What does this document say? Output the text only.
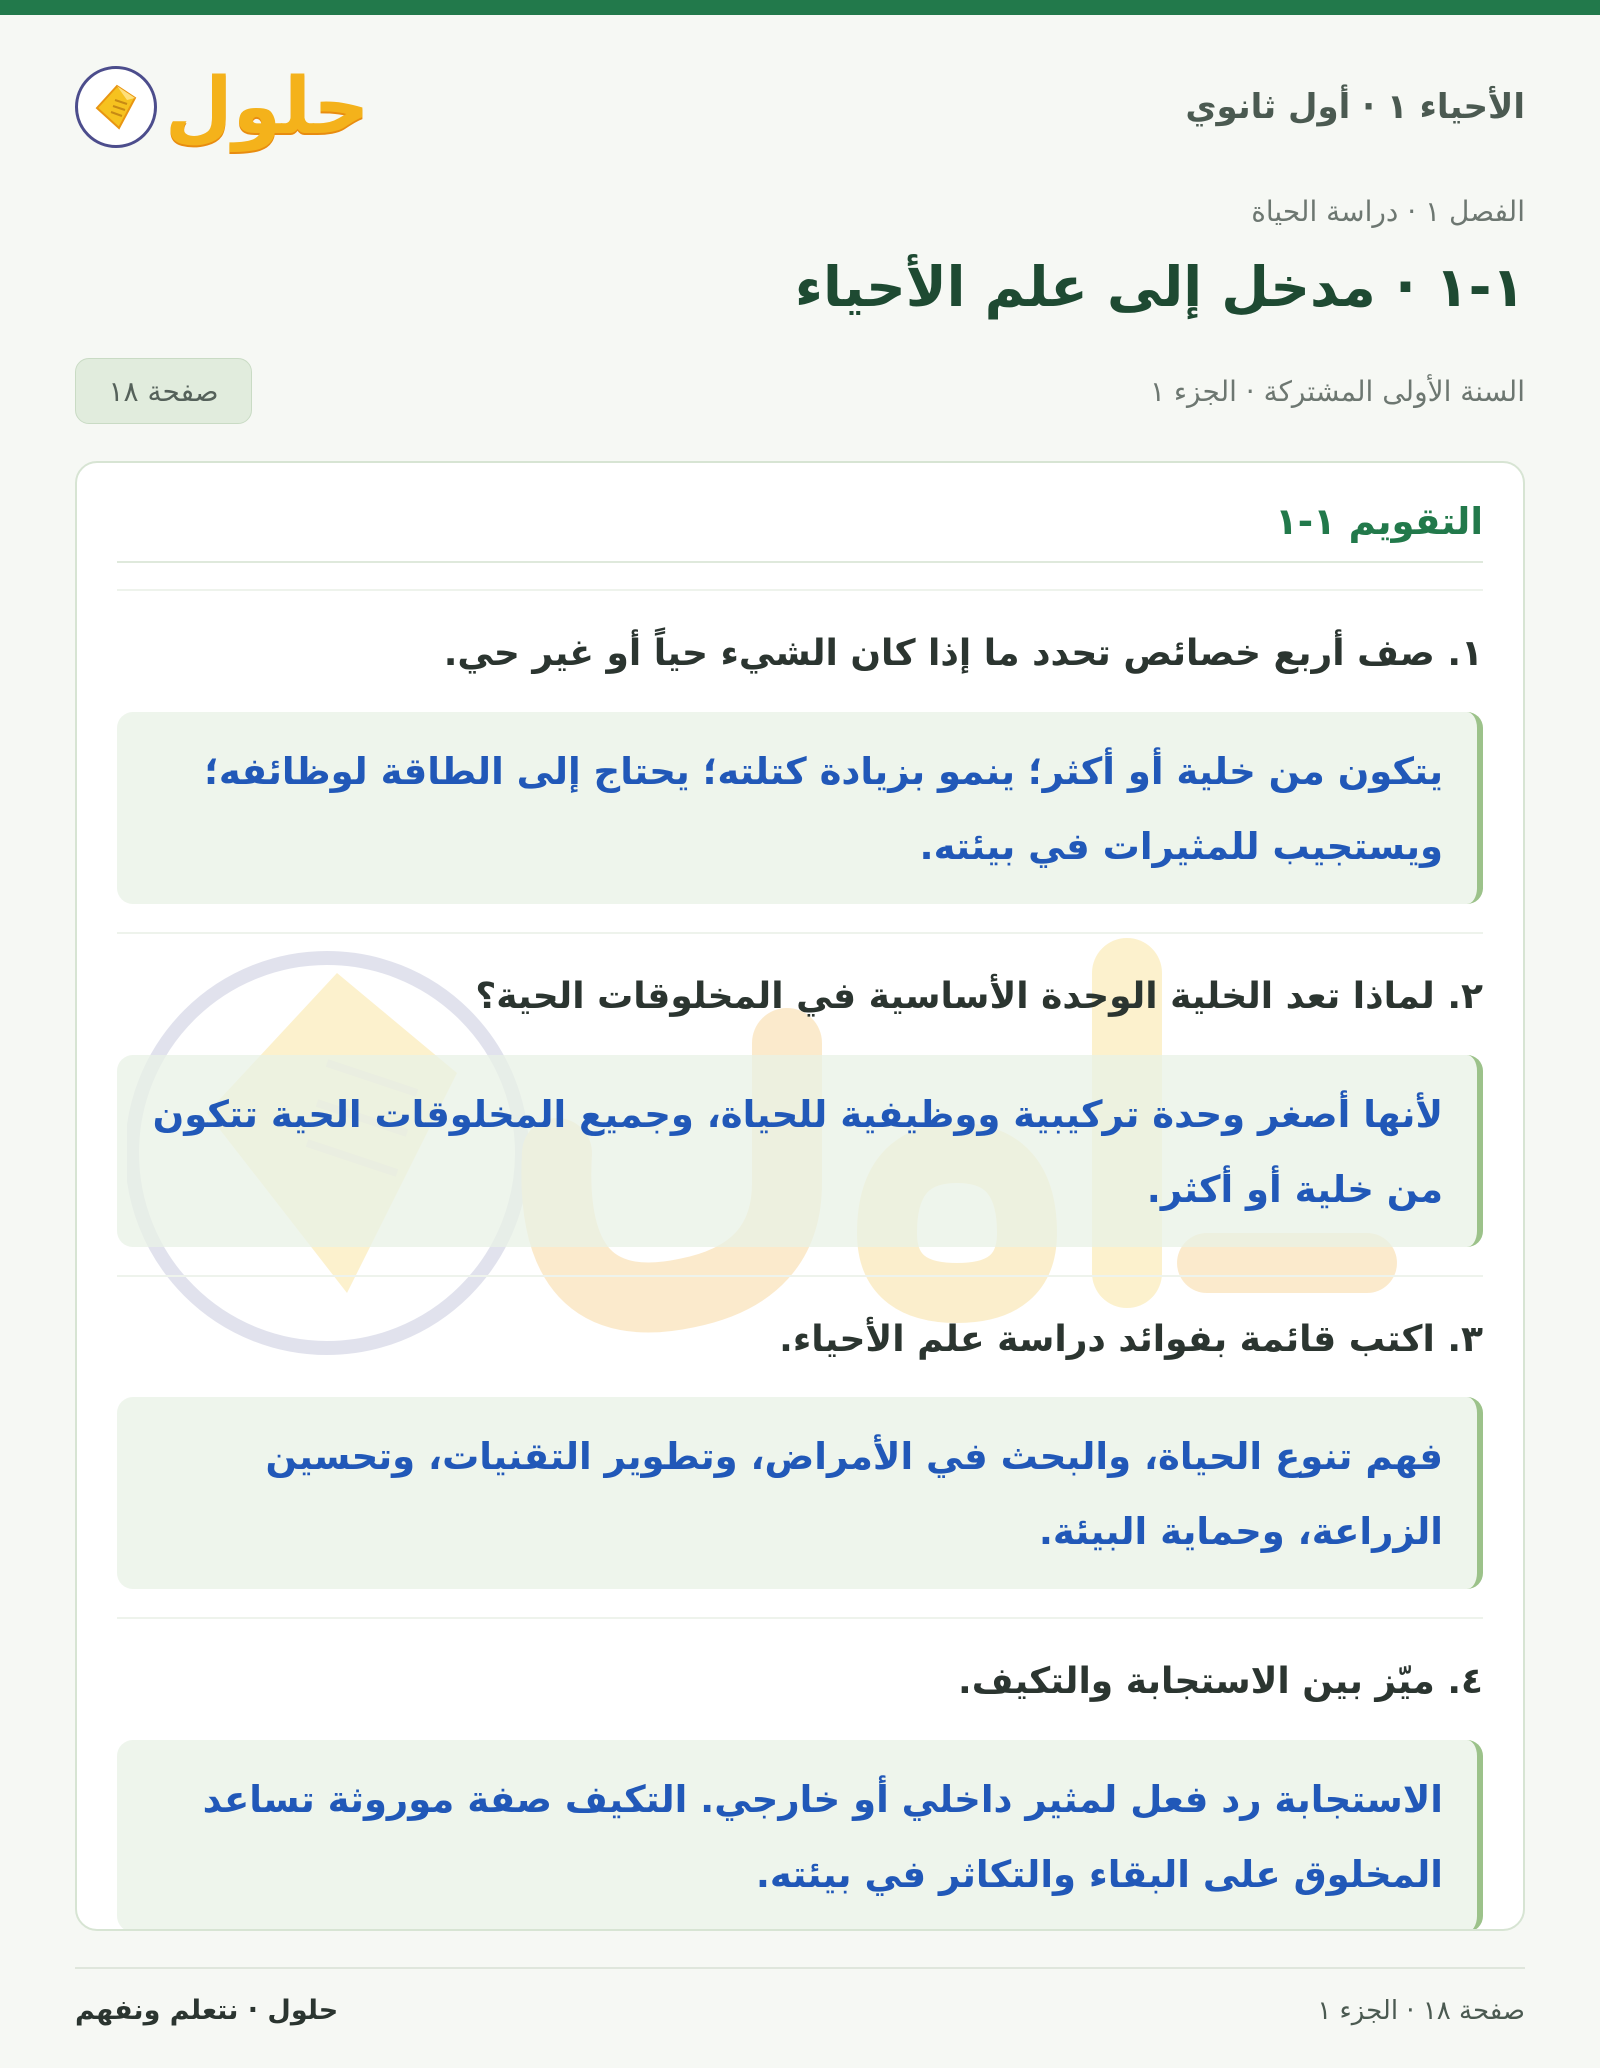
الأحياء ١ · أول ثانوي
حلول
الفصل ١ · دراسة الحياة
١-١ · مدخل إلى علم الأحياء
السنة الأولى المشتركة · الجزء ١
صفحة ١٨
التقويم ١-١
١. صف أربع خصائص تحدد ما إذا كان الشيء حياً أو غير حي.
يتكون من خلية أو أكثر؛ ينمو بزيادة كتلته؛ يحتاج إلى الطاقة لوظائفه؛ ويستجيب للمثيرات في بيئته.
٢. لماذا تعد الخلية الوحدة الأساسية في المخلوقات الحية؟
لأنها أصغر وحدة تركيبية ووظيفية للحياة، وجميع المخلوقات الحية تتكون من خلية أو أكثر.
٣. اكتب قائمة بفوائد دراسة علم الأحياء.
فهم تنوع الحياة، والبحث في الأمراض، وتطوير التقنيات، وتحسين الزراعة، وحماية البيئة.
٤. ميّز بين الاستجابة والتكيف.
الاستجابة رد فعل لمثير داخلي أو خارجي. التكيف صفة موروثة تساعد المخلوق على البقاء والتكاثر في بيئته.
صفحة ١٨ · الجزء ١
حلول · نتعلم ونفهم
